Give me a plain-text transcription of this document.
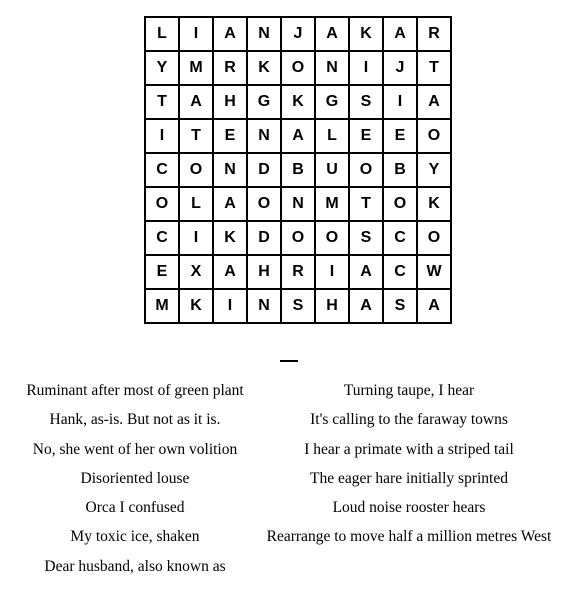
L	I	A	N	J	A	K	A	R
Y	M	R	K	O	N	I	J	T
T	A	H	G	K	G	S	I	A
I	T	E	N	A	L	E	E	O
C	O	N	D	B	U	O	B	Y
O	L	A	O	N	M	T	O	K
C	I	K	D	O	O	S	C	O
E	X	A	H	R	I	A	C	W
M	K	I	N	S	H	A	S	A
Ruminant after most of green plant
Hank, as-is. But not as it is.
No, she went of her own volition
Disoriented louse
Orca I confused
My toxic ice, shaken
Dear husband, also known as
Turning taupe, I hear
It's calling to the faraway towns
I hear a primate with a striped tail
The eager hare initially sprinted
Loud noise rooster hears
Rearrange to move half a million metres West
